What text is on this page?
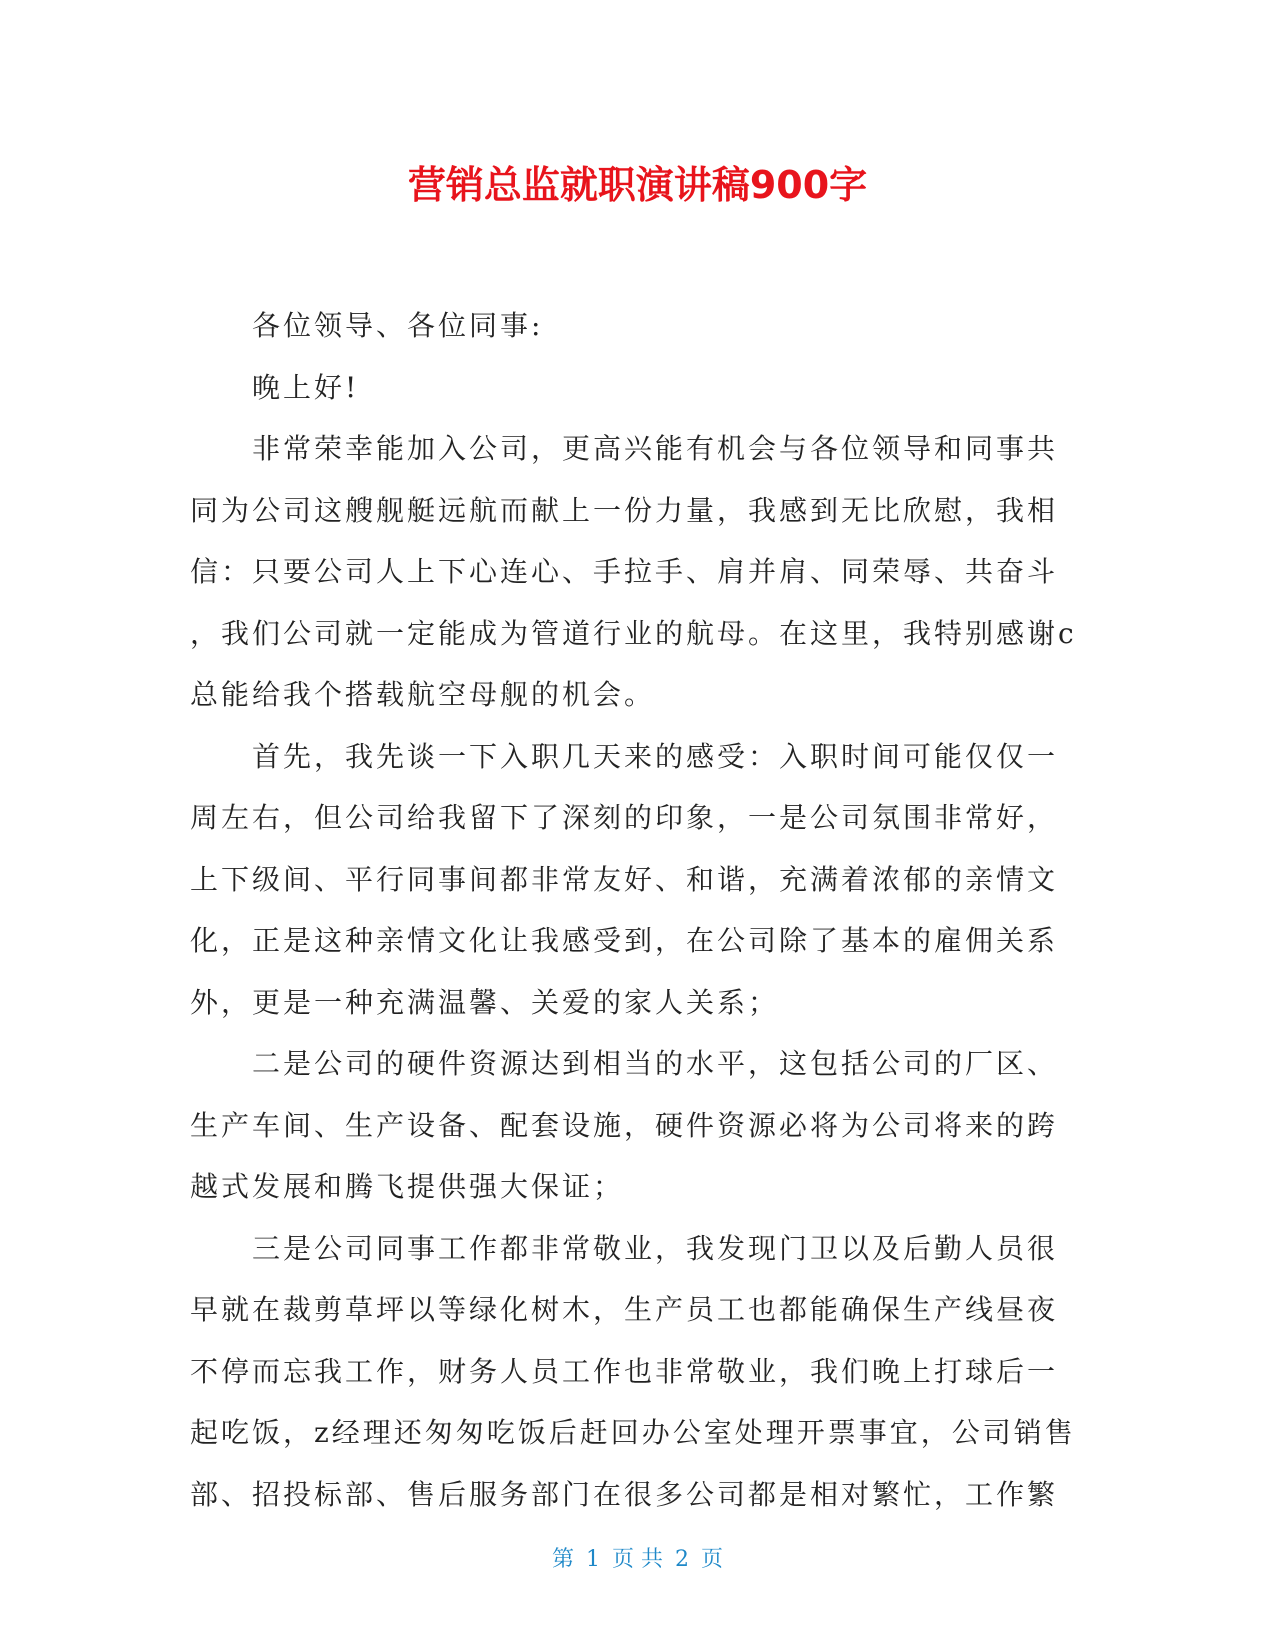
营销总监就职演讲稿900字
各位领导、各位同事:
晚上好!
非常荣幸能加入公司，更高兴能有机会与各位领导和同事共
同为公司这艘舰艇远航而献上一份力量，我感到无比欣慰，我相
信：只要公司人上下心连心、手拉手、肩并肩、同荣辱、共奋斗
，我们公司就一定能成为管道行业的航母。在这里，我特别感谢c
总能给我个搭载航空母舰的机会。
首先，我先谈一下入职几天来的感受：入职时间可能仅仅一
周左右，但公司给我留下了深刻的印象，一是公司氛围非常好，
上下级间、平行同事间都非常友好、和谐，充满着浓郁的亲情文
化，正是这种亲情文化让我感受到，在公司除了基本的雇佣关系
外，更是一种充满温馨、关爱的家人关系；
二是公司的硬件资源达到相当的水平，这包括公司的厂区、
生产车间、生产设备、配套设施，硬件资源必将为公司将来的跨
越式发展和腾飞提供强大保证；
三是公司同事工作都非常敬业，我发现门卫以及后勤人员很
早就在裁剪草坪以等绿化树木，生产员工也都能确保生产线昼夜
不停而忘我工作，财务人员工作也非常敬业，我们晚上打球后一
起吃饭，z经理还匆匆吃饭后赶回办公室处理开票事宜，公司销售
部、招投标部、售后服务部门在很多公司都是相对繁忙，工作繁
第 1 页 共 2 页
